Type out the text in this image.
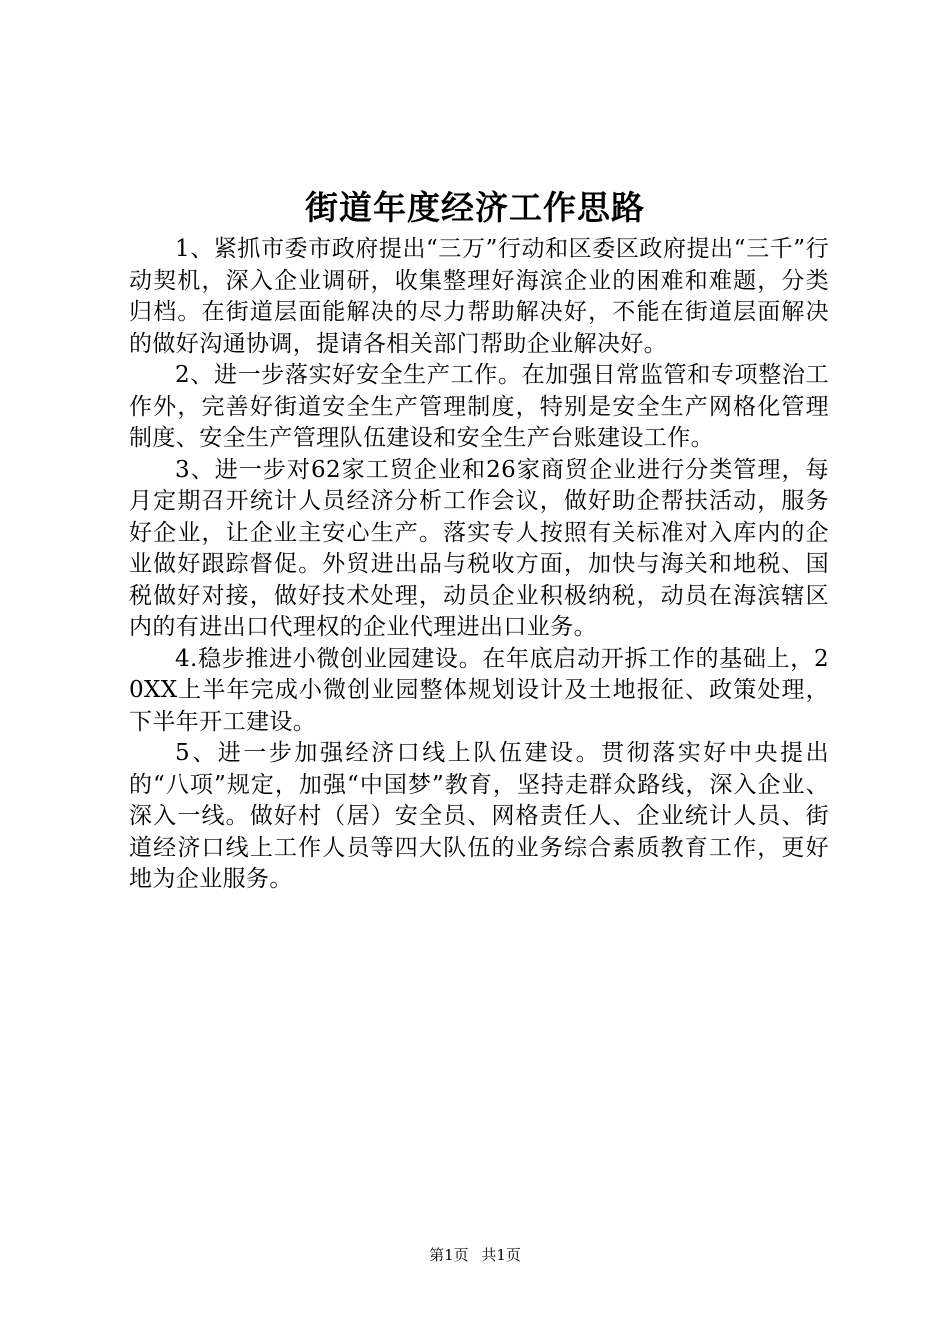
街道年度经济工作思路

1、紧抓市委市政府提出“三万”行动和区委区政府提出“三千”行动契机，深入企业调研，收集整理好海滨企业的困难和难题，分类归档。在街道层面能解决的尽力帮助解决好，不能在街道层面解决的做好沟通协调，提请各相关部门帮助企业解决好。

2、进一步落实好安全生产工作。在加强日常监管和专项整治工作外，完善好街道安全生产管理制度，特别是安全生产网格化管理制度、安全生产管理队伍建设和安全生产台账建设工作。

3、进一步对62家工贸企业和26家商贸企业进行分类管理，每月定期召开统计人员经济分析工作会议，做好助企帮扶活动，服务好企业，让企业主安心生产。落实专人按照有关标准对入库内的企业做好跟踪督促。外贸进出品与税收方面，加快与海关和地税、国税做好对接，做好技术处理，动员企业积极纳税，动员在海滨辖区内的有进出口代理权的企业代理进出口业务。

4.稳步推进小微创业园建设。在年底启动开拆工作的基础上，20XX上半年完成小微创业园整体规划设计及土地报征、政策处理，下半年开工建设。

5、进一步加强经济口线上队伍建设。贯彻落实好中央提出的“八项”规定，加强“中国梦”教育，坚持走群众路线，深入企业、深入一线。做好村（居）安全员、网格责任人、企业统计人员、街道经济口线上工作人员等四大队伍的业务综合素质教育工作，更好地为企业服务。

第1页 共1页
